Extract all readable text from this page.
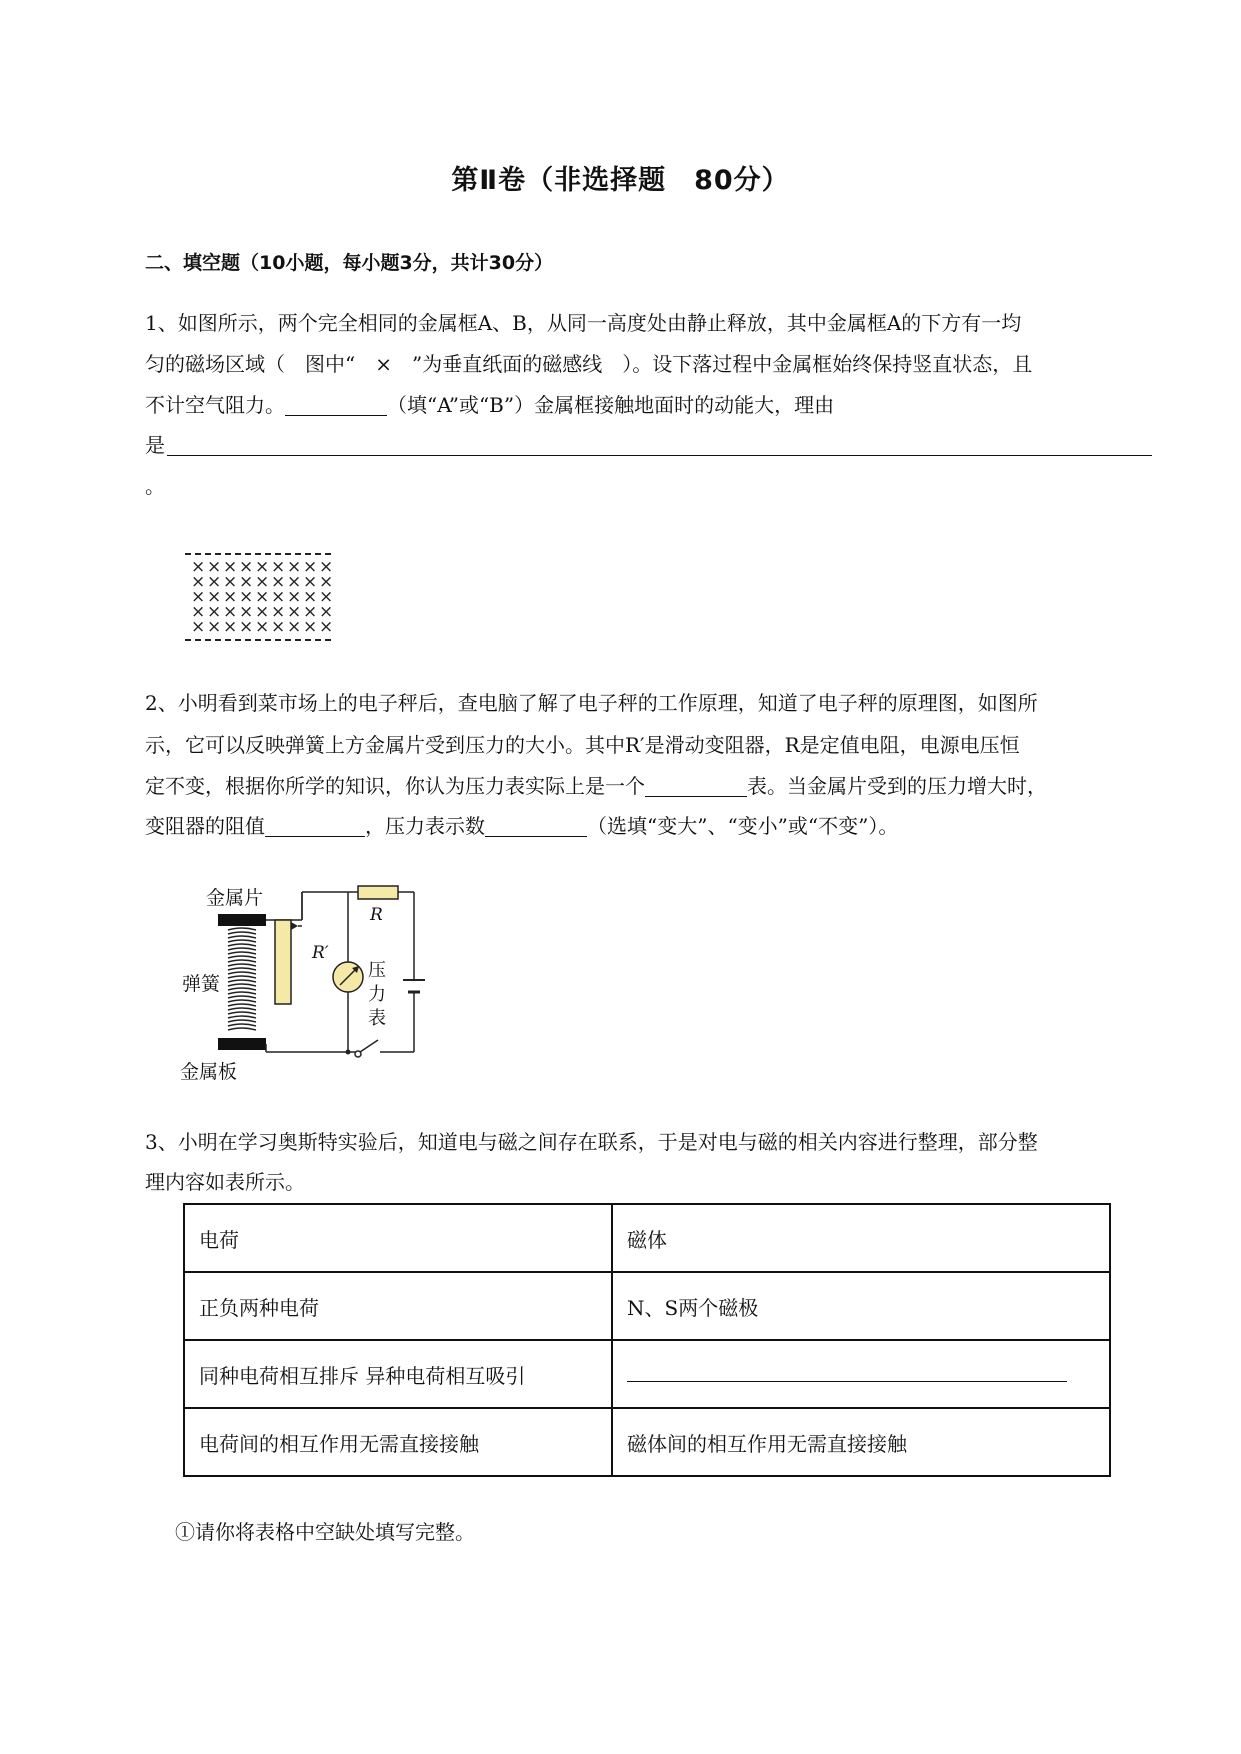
第Ⅱ卷（非选择题　80分）
二、填空题（10小题，每小题3分，共计30分）
1、如图所示，两个完全相同的金属框A、B，从同一高度处由静止释放，其中金属框A的下方有一均
匀的磁场区域（　图中“　×　”为垂直纸面的磁感线　）。设下落过程中金属框始终保持竖直状态，且
不计空气阻力。	（填“A”或“B”）金属框接触地面时的动能大，理由
是
。
× × × × × × × × ×
× × × × × × × × ×
× × × × × × × × ×
× × × × × × × × ×
× × × × × × × × ×
2、小明看到菜市场上的电子秤后，查电脑了解了电子秤的工作原理，知道了电子秤的原理图，如图所
示，它可以反映弹簧上方金属片受到压力的大小。其中R′是滑动变阻器，R是定值电阻，电源电压恒
定不变，根据你所学的知识，你认为压力表实际上是一个	表。当金属片受到的压力增大时，
变阻器的阻值	，压力表示数	（选填“变大”、“变小”或“不变”）。
金属片
弹簧
金属板
R′
R
压
力
表
3、小明在学习奥斯特实验后，知道电与磁之间存在联系，于是对电与磁的相关内容进行整理，部分整
理内容如表所示。
电荷	磁体
正负两种电荷	N、S两个磁极
同种电荷相互排斥 异种电荷相互吸引	
电荷间的相互作用无需直接接触	磁体间的相互作用无需直接接触
①请你将表格中空缺处填写完整。
